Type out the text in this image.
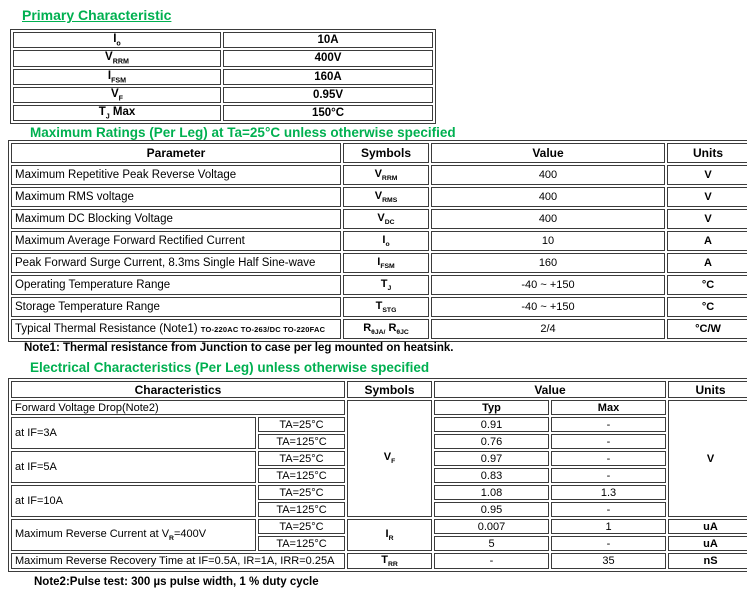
Primary Characteristic
$I_o$	10A
$V_{RRM}$	400V
$I_{FSM}$	160A
$V_F$	0.95V
$T_J$ Max	150°C
Maximum Ratings (Per Leg) at Ta=25°C unless otherwise specified
Parameter	Symbols	Value	Units
Maximum Repetitive Peak Reverse Voltage	$V_{RRM}$	400	V
Maximum RMS voltage	$V_{RMS}$	400	V
Maximum DC Blocking Voltage	$V_{DC}$	400	V
Maximum Average Forward Rectified Current	$I_o$	10	A
Peak Forward Surge Current, 8.3ms Single Half Sine-wave	$I_{FSM}$	160	A
Operating Temperature Range	$T_J$	-40 ~ +150	°C
Storage Temperature Range	$T_{STG}$	-40 ~ +150	°C
Typical Thermal Resistance (Note1) TO-220AC TO-263/DC TO-220FAC	$R_{\theta JA/}$ $R_{\theta JC}$	2/4	°C/W
Note1: Thermal resistance from Junction to case per leg mounted on heatsink.
Electrical Characteristics (Per Leg) unless otherwise specified
Characteristics		Symbols	Value		Units
Forward Voltage Drop(Note2)		$V_F$	Typ	Max	V
at IF=3A	TA=25°C		0.91	-	
	TA=125°C		0.76	-	
at IF=5A	TA=25°C		0.97	-	
	TA=125°C		0.83	-	
at IF=10A	TA=25°C		1.08	1.3	
	TA=125°C		0.95	-	
Maximum Reverse Current at $V_R=400V$	TA=25°C	$I_R$	0.007	1	uA
	TA=125°C		5	-	uA
Maximum Reverse Recovery Time at IF=0.5A, IR=1A, IRR=0.25A		$T_{RR}$	-	35	nS
Note2:Pulse test: 300 µs pulse width, 1 % duty cycle
